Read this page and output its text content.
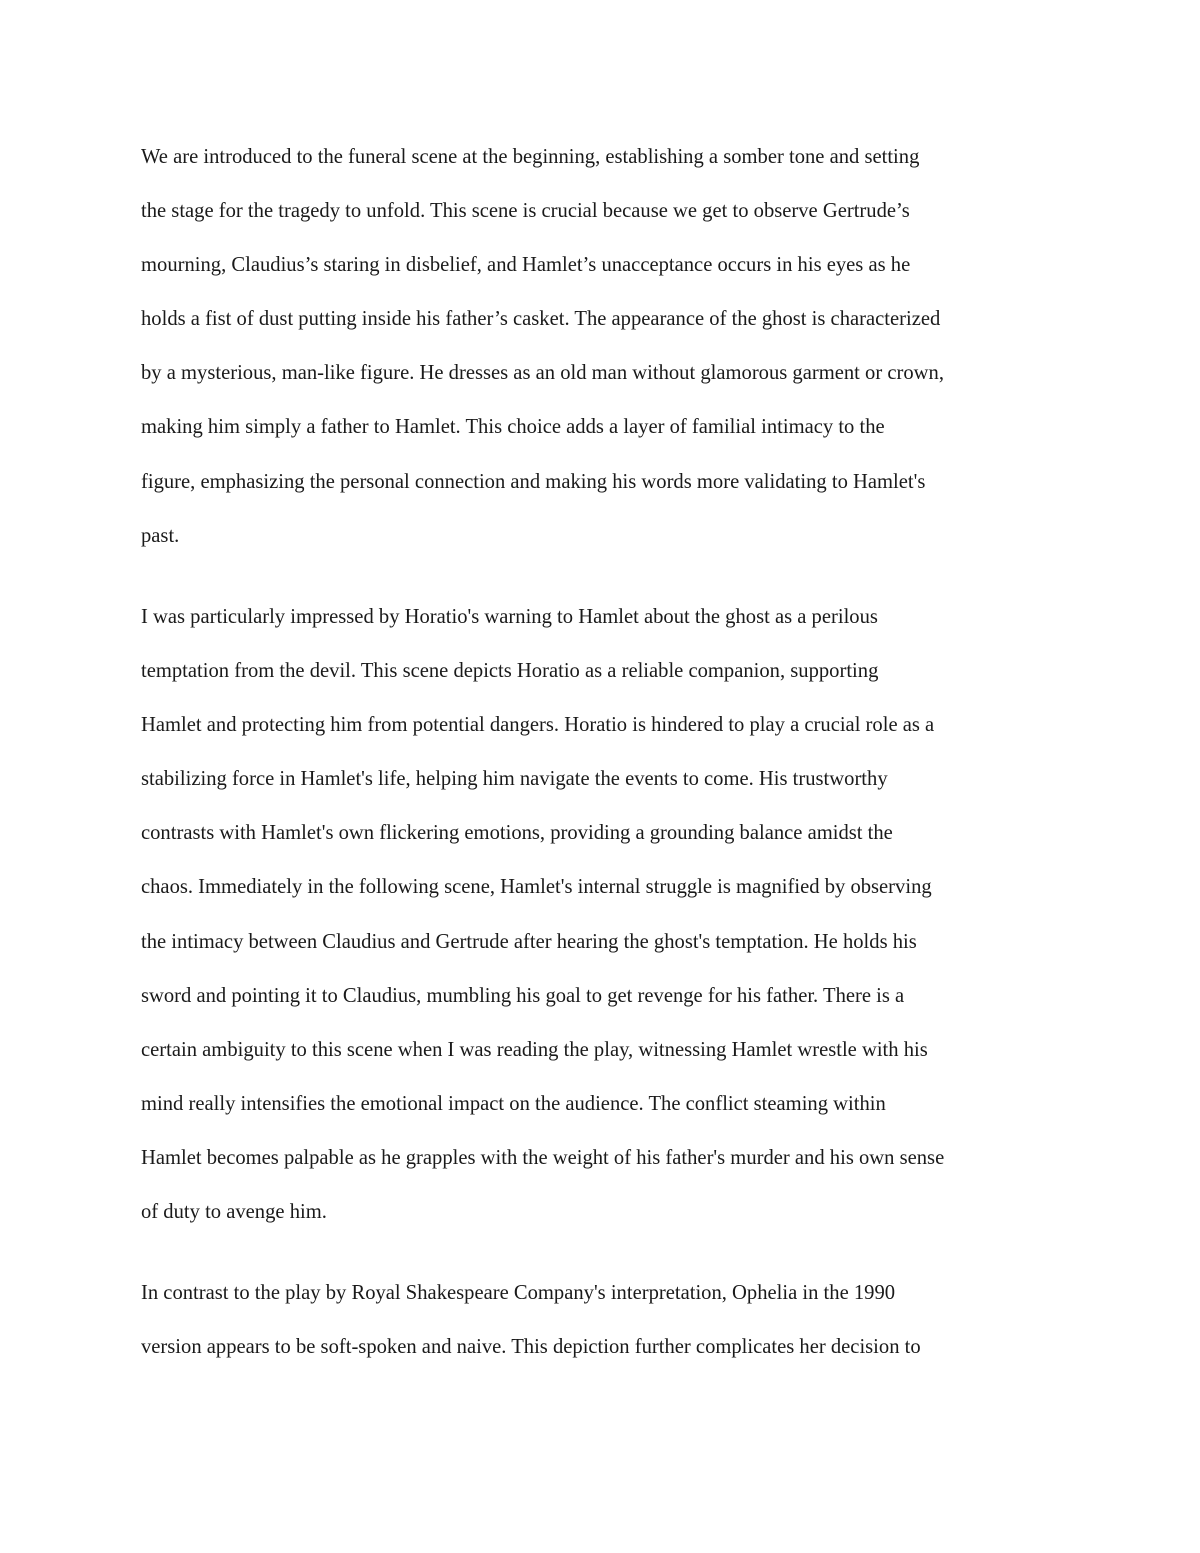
We are introduced to the funeral scene at the beginning, establishing a somber tone and setting
the stage for the tragedy to unfold. This scene is crucial because we get to observe Gertrude’s
mourning, Claudius’s staring in disbelief, and Hamlet’s unacceptance occurs in his eyes as he
holds a fist of dust putting inside his father’s casket. The appearance of the ghost is characterized
by a mysterious, man-like figure. He dresses as an old man without glamorous garment or crown,
making him simply a father to Hamlet. This choice adds a layer of familial intimacy to the
figure, emphasizing the personal connection and making his words more validating to Hamlet's
past.
I was particularly impressed by Horatio's warning to Hamlet about the ghost as a perilous
temptation from the devil. This scene depicts Horatio as a reliable companion, supporting
Hamlet and protecting him from potential dangers. Horatio is hindered to play a crucial role as a
stabilizing force in Hamlet's life, helping him navigate the events to come. His trustworthy
contrasts with Hamlet's own flickering emotions, providing a grounding balance amidst the
chaos. Immediately in the following scene, Hamlet's internal struggle is magnified by observing
the intimacy between Claudius and Gertrude after hearing the ghost's temptation. He holds his
sword and pointing it to Claudius, mumbling his goal to get revenge for his father. There is a
certain ambiguity to this scene when I was reading the play, witnessing Hamlet wrestle with his
mind really intensifies the emotional impact on the audience. The conflict steaming within
Hamlet becomes palpable as he grapples with the weight of his father's murder and his own sense
of duty to avenge him.
In contrast to the play by Royal Shakespeare Company's interpretation, Ophelia in the 1990
version appears to be soft-spoken and naive. This depiction further complicates her decision to
